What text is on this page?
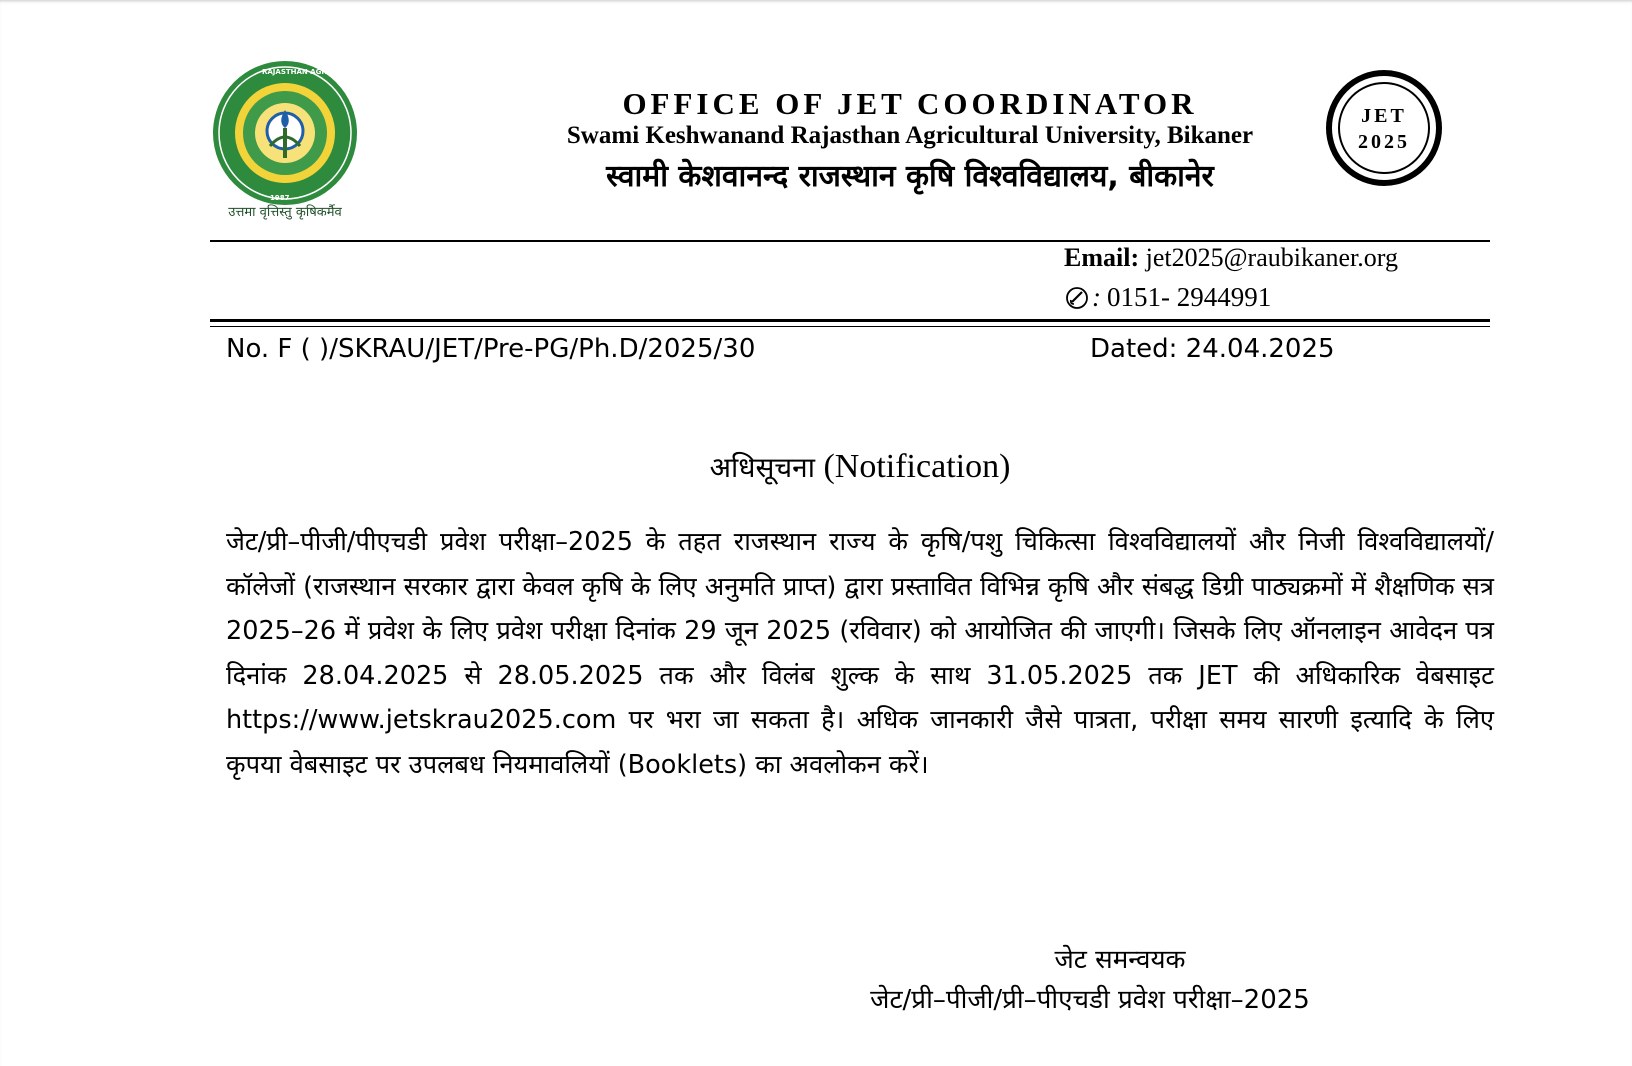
RAJASTHAN AGRI
1987
उत्तमा वृत्तिस्तु कृषिकर्मैव
OFFICE OF JET COORDINATOR
Swami Keshwanand Rajasthan Agricultural University, Bikaner
स्वामी केशवानन्द राजस्थान कृषि विश्वविद्यालय, बीकानेर
JET
2025
Email: jet2025@raubikaner.org
: 0151- 2944991
No. F ( )/SKRAU/JET/Pre-PG/Ph.D/2025/30	Dated: 24.04.2025
अधिसूचना (Notification)
जेट/प्री–पीजी/पीएचडी प्रवेश परीक्षा–2025 के तहत राजस्थान राज्य के कृषि/पशु चिकित्सा विश्वविद्यालयों और निजी विश्वविद्यालयों/कॉलेजों (राजस्थान सरकार द्वारा केवल कृषि के लिए अनुमति प्राप्त) द्वारा प्रस्तावित विभिन्न कृषि और संबद्ध डिग्री पाठ्यक्रमों में शैक्षणिक सत्र 2025–26 में प्रवेश के लिए प्रवेश परीक्षा दिनांक 29 जून 2025 (रविवार) को आयोजित की जाएगी। जिसके लिए ऑनलाइन आवेदन पत्र दिनांक 28.04.2025 से 28.05.2025 तक और विलंब शुल्क के साथ 31.05.2025 तक JET की अधिकारिक वेबसाइट https://www.jetskrau2025.com पर भरा जा सकता है। अधिक जानकारी जैसे पात्रता, परीक्षा समय सारणी इत्यादि के लिए कृपया वेबसाइट पर उपलबध नियमावलियों (Booklets) का अवलोकन करें।
जेट समन्वयक
जेट/प्री–पीजी/प्री–पीएचडी प्रवेश परीक्षा–2025
